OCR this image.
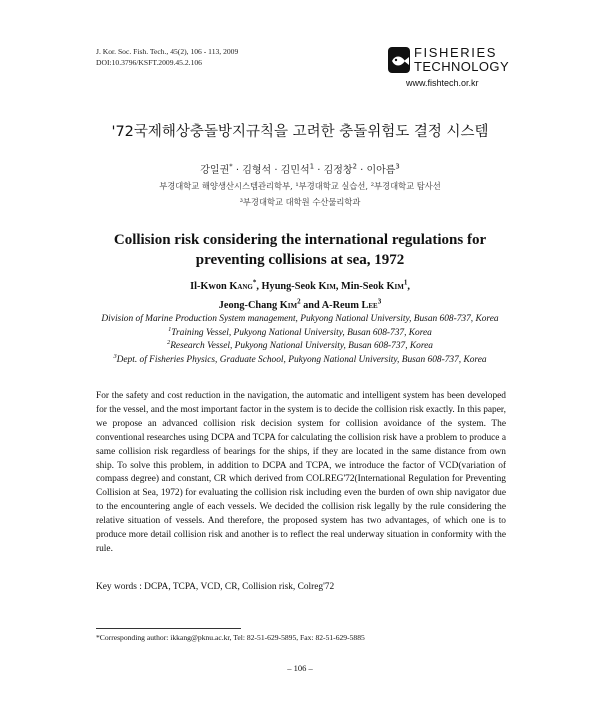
J. Kor. Soc. Fish. Tech., 45(2), 106 - 113, 2009
DOI:10.3796/KSFT.2009.45.2.106
FISHERIES
TECHNOLOGY
www.fishtech.or.kr
'72국제해상충돌방지규칙을 고려한 충돌위험도 결정 시스템
강일권* · 김형석 · 김민석$^1$ · 김정창$^2$ · 이아름$^3$
부경대학교 해양생산시스템관리학부, ¹부경대학교 실습선, ²부경대학교 탐사선
³부경대학교 대학원 수산물리학과
Collision risk considering the international regulations for
preventing collisions at sea, 1972
Il-Kwon Kang*, Hyung-Seok Kim, Min-Seok Kim$^1$,
Jeong-Chang Kim$^2$ and A-Reum Lee$^3$
Division of Marine Production System management, Pukyong National University, Busan 608-737, Korea
$^1$Training Vessel, Pukyong National University, Busan 608-737, Korea
$^2$Research Vessel, Pukyong National University, Busan 608-737, Korea
$^3$Dept. of Fisheries Physics, Graduate School, Pukyong National University, Busan 608-737, Korea
For the safety and cost reduction in the navigation, the automatic and intelligent system has been developed for the vessel, and the most important factor in the system is to decide the collision risk exactly. In this paper, we propose an advanced collision risk decision system for collision avoidance of the system. The conventional researches using DCPA and TCPA for calculating the collision risk have a problem to produce a same collision risk regardless of bearings for the ships, if they are located in the same distance from own ship. To solve this problem, in addition to DCPA and TCPA, we introduce the factor of VCD(variation of compass degree) and constant, CR which derived from COLREG'72(International Regulation for Preventing Collision at Sea, 1972) for evaluating the collision risk including even the burden of own ship navigator due to the encountering angle of each vessels. We decided the collision risk legally by the rule considering the relative situation of vessels. And therefore, the proposed system has two advantages, of which one is to produce more detail collision risk and another is to reflect the real underway situation in conformity with the rule.
Key words : DCPA, TCPA, VCD, CR, Collision risk, Colreg'72
*Corresponding author: ikkang@pknu.ac.kr, Tel: 82-51-629-5895, Fax: 82-51-629-5885
– 106 –
